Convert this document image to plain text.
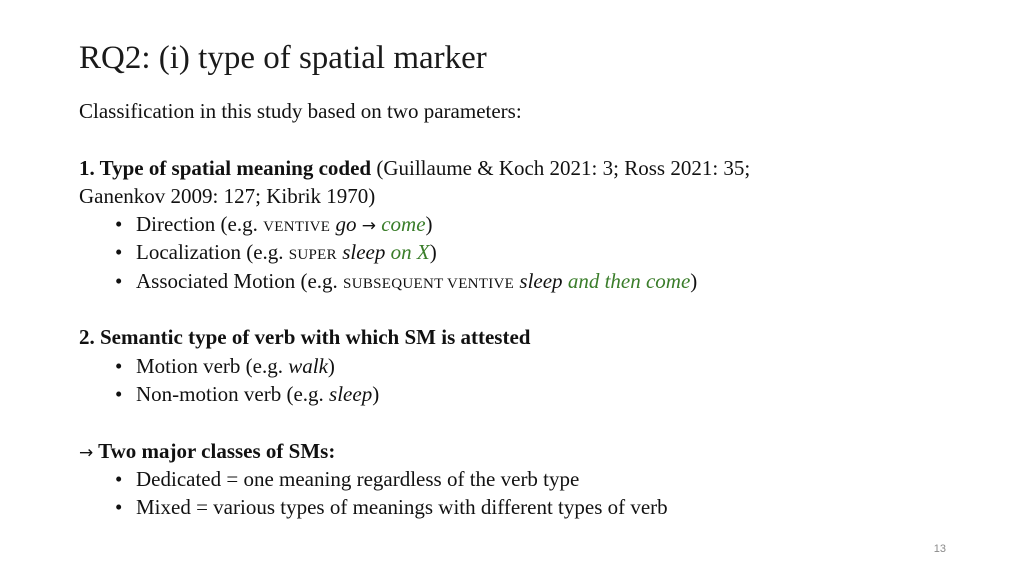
RQ2: (i) type of spatial marker
Classification in this study based on two parameters:
1. Type of spatial meaning coded (Guillaume & Koch 2021: 3; Ross 2021: 35;
Ganenkov 2009: 127; Kibrik 1970)
• Direction (e.g. VENTIVE go → come)
• Localization (e.g. SUPER sleep on X)
• Associated Motion (e.g. SUBSEQUENT VENTIVE sleep and then come)
2. Semantic type of verb with which SM is attested
• Motion verb (e.g. walk)
• Non-motion verb (e.g. sleep)
→ Two major classes of SMs:
• Dedicated = one meaning regardless of the verb type
• Mixed = various types of meanings with different types of verb
13
